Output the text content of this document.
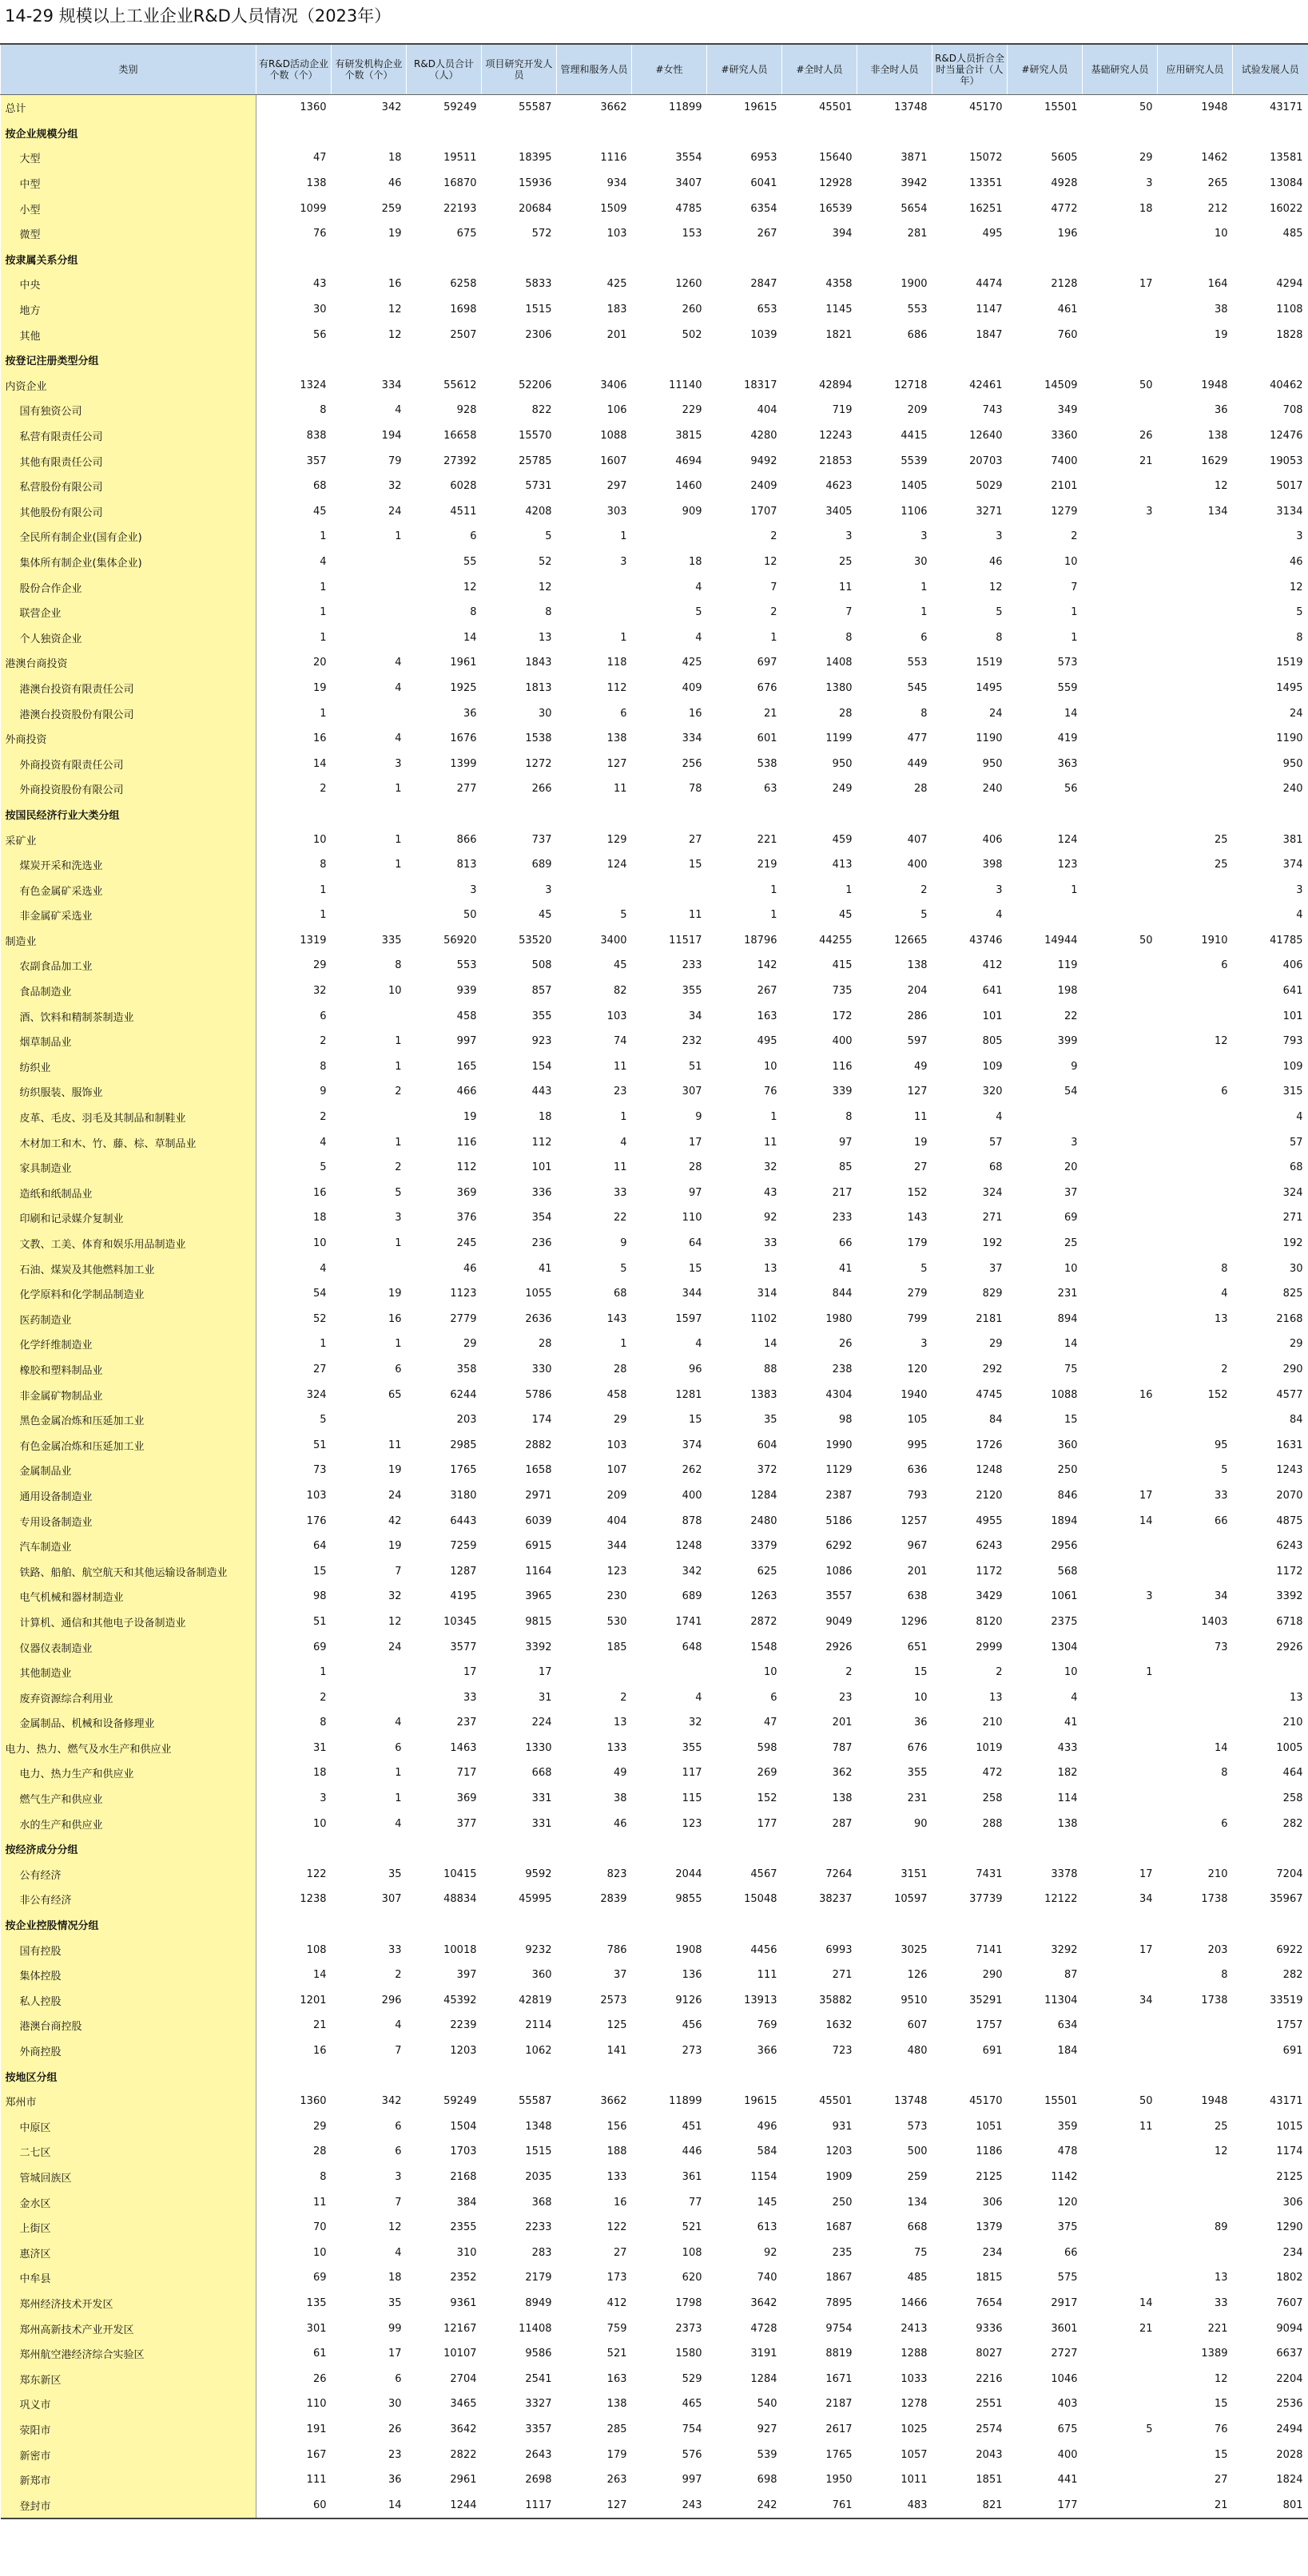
14-29 规模以上工业企业R&D人员情况（2023年）
类别	有R&D活动企业个数（个）	有研发机构企业个数（个）	R&D人员合计（人）	项目研究开发人员	管理和服务人员	#女性	#研究人员	#全时人员	非全时人员	R&D人员折合全时当量合计（人年）	#研究人员	基础研究人员	应用研究人员	试验发展人员
总计	1360	342	59249	55587	3662	11899	19615	45501	13748	45170	15501	50	1948	43171
按企业规模分组														
大型	47	18	19511	18395	1116	3554	6953	15640	3871	15072	5605	29	1462	13581
中型	138	46	16870	15936	934	3407	6041	12928	3942	13351	4928	3	265	13084
小型	1099	259	22193	20684	1509	4785	6354	16539	5654	16251	4772	18	212	16022
微型	76	19	675	572	103	153	267	394	281	495	196		10	485
按隶属关系分组														
中央	43	16	6258	5833	425	1260	2847	4358	1900	4474	2128	17	164	4294
地方	30	12	1698	1515	183	260	653	1145	553	1147	461		38	1108
其他	56	12	2507	2306	201	502	1039	1821	686	1847	760		19	1828
按登记注册类型分组														
内资企业	1324	334	55612	52206	3406	11140	18317	42894	12718	42461	14509	50	1948	40462
国有独资公司	8	4	928	822	106	229	404	719	209	743	349		36	708
私营有限责任公司	838	194	16658	15570	1088	3815	4280	12243	4415	12640	3360	26	138	12476
其他有限责任公司	357	79	27392	25785	1607	4694	9492	21853	5539	20703	7400	21	1629	19053
私营股份有限公司	68	32	6028	5731	297	1460	2409	4623	1405	5029	2101		12	5017
其他股份有限公司	45	24	4511	4208	303	909	1707	3405	1106	3271	1279	3	134	3134
全民所有制企业(国有企业)	1	1	6	5	1		2	3	3	3	2			3
集体所有制企业(集体企业)	4		55	52	3	18	12	25	30	46	10			46
股份合作企业	1		12	12		4	7	11	1	12	7			12
联营企业	1		8	8		5	2	7	1	5	1			5
个人独资企业	1		14	13	1	4	1	8	6	8	1			8
港澳台商投资	20	4	1961	1843	118	425	697	1408	553	1519	573			1519
港澳台投资有限责任公司	19	4	1925	1813	112	409	676	1380	545	1495	559			1495
港澳台投资股份有限公司	1		36	30	6	16	21	28	8	24	14			24
外商投资	16	4	1676	1538	138	334	601	1199	477	1190	419			1190
外商投资有限责任公司	14	3	1399	1272	127	256	538	950	449	950	363			950
外商投资股份有限公司	2	1	277	266	11	78	63	249	28	240	56			240
按国民经济行业大类分组														
采矿业	10	1	866	737	129	27	221	459	407	406	124		25	381
煤炭开采和洗选业	8	1	813	689	124	15	219	413	400	398	123		25	374
有色金属矿采选业	1		3	3			1	1	2	3	1			3
非金属矿采选业	1		50	45	5	11	1	45	5	4				4
制造业	1319	335	56920	53520	3400	11517	18796	44255	12665	43746	14944	50	1910	41785
农副食品加工业	29	8	553	508	45	233	142	415	138	412	119		6	406
食品制造业	32	10	939	857	82	355	267	735	204	641	198			641
酒、饮料和精制茶制造业	6		458	355	103	34	163	172	286	101	22			101
烟草制品业	2	1	997	923	74	232	495	400	597	805	399		12	793
纺织业	8	1	165	154	11	51	10	116	49	109	9			109
纺织服装、服饰业	9	2	466	443	23	307	76	339	127	320	54		6	315
皮革、毛皮、羽毛及其制品和制鞋业	2		19	18	1	9	1	8	11	4				4
木材加工和木、竹、藤、棕、草制品业	4	1	116	112	4	17	11	97	19	57	3			57
家具制造业	5	2	112	101	11	28	32	85	27	68	20			68
造纸和纸制品业	16	5	369	336	33	97	43	217	152	324	37			324
印刷和记录媒介复制业	18	3	376	354	22	110	92	233	143	271	69			271
文教、工美、体育和娱乐用品制造业	10	1	245	236	9	64	33	66	179	192	25			192
石油、煤炭及其他燃料加工业	4		46	41	5	15	13	41	5	37	10		8	30
化学原料和化学制品制造业	54	19	1123	1055	68	344	314	844	279	829	231		4	825
医药制造业	52	16	2779	2636	143	1597	1102	1980	799	2181	894		13	2168
化学纤维制造业	1	1	29	28	1	4	14	26	3	29	14			29
橡胶和塑料制品业	27	6	358	330	28	96	88	238	120	292	75		2	290
非金属矿物制品业	324	65	6244	5786	458	1281	1383	4304	1940	4745	1088	16	152	4577
黑色金属冶炼和压延加工业	5		203	174	29	15	35	98	105	84	15			84
有色金属冶炼和压延加工业	51	11	2985	2882	103	374	604	1990	995	1726	360		95	1631
金属制品业	73	19	1765	1658	107	262	372	1129	636	1248	250		5	1243
通用设备制造业	103	24	3180	2971	209	400	1284	2387	793	2120	846	17	33	2070
专用设备制造业	176	42	6443	6039	404	878	2480	5186	1257	4955	1894	14	66	4875
汽车制造业	64	19	7259	6915	344	1248	3379	6292	967	6243	2956			6243
铁路、船舶、航空航天和其他运输设备制造业	15	7	1287	1164	123	342	625	1086	201	1172	568			1172
电气机械和器材制造业	98	32	4195	3965	230	689	1263	3557	638	3429	1061	3	34	3392
计算机、通信和其他电子设备制造业	51	12	10345	9815	530	1741	2872	9049	1296	8120	2375		1403	6718
仪器仪表制造业	69	24	3577	3392	185	648	1548	2926	651	2999	1304		73	2926
其他制造业	1		17	17			10	2	15	2	10	1		
废弃资源综合利用业	2		33	31	2	4	6	23	10	13	4			13
金属制品、机械和设备修理业	8	4	237	224	13	32	47	201	36	210	41			210
电力、热力、燃气及水生产和供应业	31	6	1463	1330	133	355	598	787	676	1019	433		14	1005
电力、热力生产和供应业	18	1	717	668	49	117	269	362	355	472	182		8	464
燃气生产和供应业	3	1	369	331	38	115	152	138	231	258	114			258
水的生产和供应业	10	4	377	331	46	123	177	287	90	288	138		6	282
按经济成分分组														
公有经济	122	35	10415	9592	823	2044	4567	7264	3151	7431	3378	17	210	7204
非公有经济	1238	307	48834	45995	2839	9855	15048	38237	10597	37739	12122	34	1738	35967
按企业控股情况分组														
国有控股	108	33	10018	9232	786	1908	4456	6993	3025	7141	3292	17	203	6922
集体控股	14	2	397	360	37	136	111	271	126	290	87		8	282
私人控股	1201	296	45392	42819	2573	9126	13913	35882	9510	35291	11304	34	1738	33519
港澳台商控股	21	4	2239	2114	125	456	769	1632	607	1757	634			1757
外商控股	16	7	1203	1062	141	273	366	723	480	691	184			691
按地区分组														
郑州市	1360	342	59249	55587	3662	11899	19615	45501	13748	45170	15501	50	1948	43171
中原区	29	6	1504	1348	156	451	496	931	573	1051	359	11	25	1015
二七区	28	6	1703	1515	188	446	584	1203	500	1186	478		12	1174
管城回族区	8	3	2168	2035	133	361	1154	1909	259	2125	1142			2125
金水区	11	7	384	368	16	77	145	250	134	306	120			306
上街区	70	12	2355	2233	122	521	613	1687	668	1379	375		89	1290
惠济区	10	4	310	283	27	108	92	235	75	234	66			234
中牟县	69	18	2352	2179	173	620	740	1867	485	1815	575		13	1802
郑州经济技术开发区	135	35	9361	8949	412	1798	3642	7895	1466	7654	2917	14	33	7607
郑州高新技术产业开发区	301	99	12167	11408	759	2373	4728	9754	2413	9336	3601	21	221	9094
郑州航空港经济综合实验区	61	17	10107	9586	521	1580	3191	8819	1288	8027	2727		1389	6637
郑东新区	26	6	2704	2541	163	529	1284	1671	1033	2216	1046		12	2204
巩义市	110	30	3465	3327	138	465	540	2187	1278	2551	403		15	2536
荥阳市	191	26	3642	3357	285	754	927	2617	1025	2574	675	5	76	2494
新密市	167	23	2822	2643	179	576	539	1765	1057	2043	400		15	2028
新郑市	111	36	2961	2698	263	997	698	1950	1011	1851	441		27	1824
登封市	60	14	1244	1117	127	243	242	761	483	821	177		21	801
